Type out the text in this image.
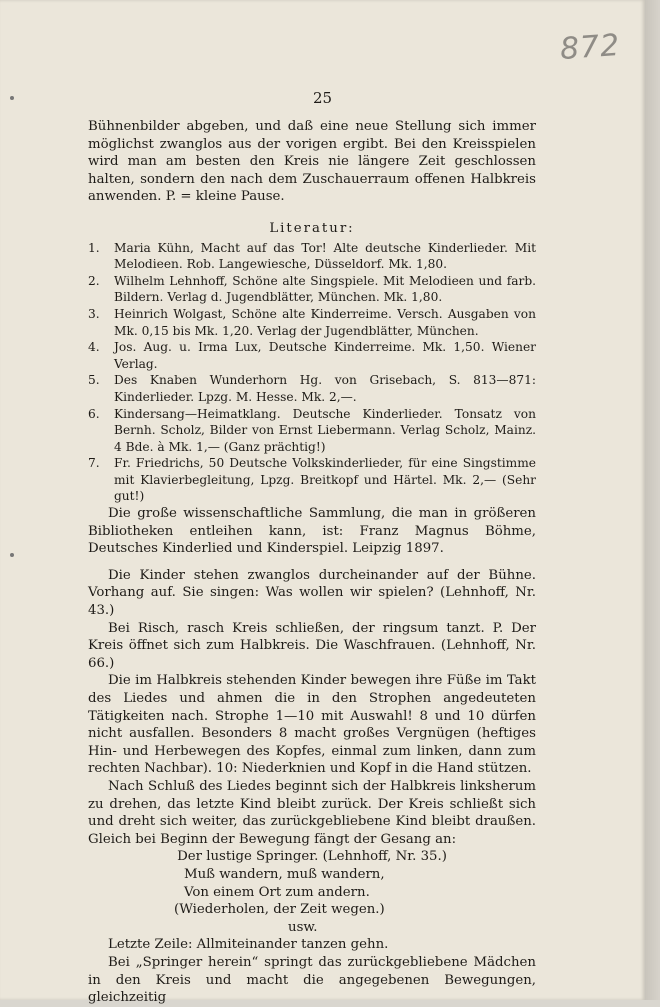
872
25

Bühnenbilder abgeben, und daß eine neue Stellung sich immer möglichst zwanglos aus der vorigen ergibt. Bei den Kreisspielen wird man am besten den Kreis nie längere Zeit geschlossen halten, sondern den nach dem Zuschauerraum offenen Halbkreis anwenden. P. = kleine Pause.

Literatur:
1.	Maria Kühn, Macht auf das Tor! Alte deutsche Kinderlieder. Mit Melodieen. Rob. Langewiesche, Düsseldorf. Mk. 1,80.
2.	Wilhelm Lehnhoff, Schöne alte Singspiele. Mit Melodieen und farb. Bildern. Verlag d. Jugendblätter, München. Mk. 1,80.
3.	Heinrich Wolgast, Schöne alte Kinderreime. Versch. Ausgaben von Mk. 0,15 bis Mk. 1,20. Verlag der Jugendblätter, München.
4.	Jos. Aug. u. Irma Lux, Deutsche Kinderreime. Mk. 1,50. Wiener Verlag.
5.	Des Knaben Wunderhorn Hg. von Grisebach, S. 813—871: Kinderlieder. Lpzg. M. Hesse. Mk. 2,—.
6.	Kindersang—Heimatklang. Deutsche Kinderlieder. Tonsatz von Bernh. Scholz, Bilder von Ernst Liebermann. Verlag Scholz, Mainz. 4 Bde. à Mk. 1,— (Ganz prächtig!)
7.	Fr. Friedrichs, 50 Deutsche Volkskinderlieder, für eine Singstimme mit Klavierbegleitung, Lpzg. Breitkopf und Härtel. Mk. 2,— (Sehr gut!)

Die große wissenschaftliche Sammlung, die man in größeren Bibliotheken entleihen kann, ist: Franz Magnus Böhme, Deutsches Kinderlied und Kinderspiel. Leipzig 1897.

Die Kinder stehen zwanglos durcheinander auf der Bühne. Vorhang auf. Sie singen: Was wollen wir spielen? (Lehnhoff, Nr. 43.)

Bei Risch, rasch Kreis schließen, der ringsum tanzt. P. Der Kreis öffnet sich zum Halbkreis. Die Waschfrauen. (Lehnhoff, Nr. 66.)

Die im Halbkreis stehenden Kinder bewegen ihre Füße im Takt des Liedes und ahmen die in den Strophen angedeuteten Tätigkeiten nach. Strophe 1—10 mit Auswahl! 8 und 10 dürfen nicht ausfallen. Besonders 8 macht großes Vergnügen (heftiges Hin- und Herbewegen des Kopfes, einmal zum linken, dann zum rechten Nachbar). 10: Niederknien und Kopf in die Hand stützen.

Nach Schluß des Liedes beginnt sich der Halbkreis linksherum zu drehen, das letzte Kind bleibt zurück. Der Kreis schließt sich und dreht sich weiter, das zurückgebliebene Kind bleibt draußen. Gleich bei Beginn der Bewegung fängt der Gesang an:

Der lustige Springer. (Lehnhoff, Nr. 35.)

Muß wandern, muß wandern,

Von einem Ort zum andern.

(Wiederholen, der Zeit wegen.)

usw.

Letzte Zeile: Allmiteinander tanzen gehn.

Bei „Springer herein“ springt das zurückgebliebene Mädchen in den Kreis und macht die angegebenen Bewegungen, gleichzeitig
